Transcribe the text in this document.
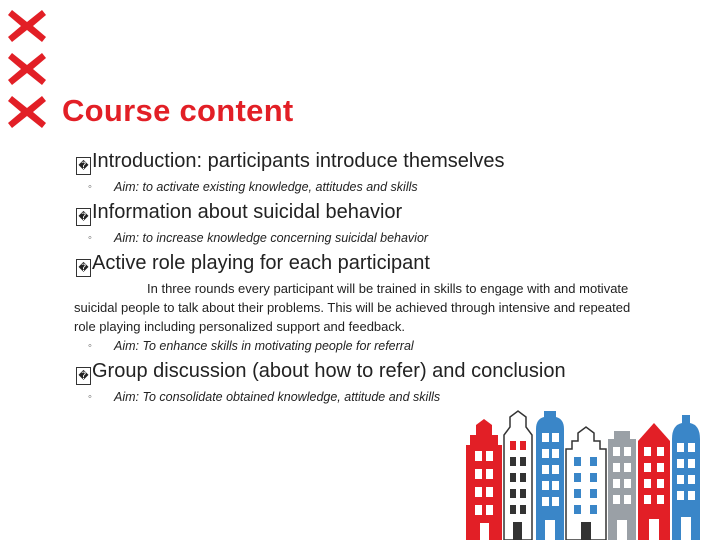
Course content
� Introduction: participants introduce themselves
◦ Aim: to activate existing knowledge, attitudes and skills
� Information about suicidal behavior
◦ Aim: to increase knowledge concerning suicidal behavior
� Active role playing for each participant
In three rounds every participant will be trained in skills to engage with and motivate suicidal people to talk about their problems. This will be achieved through intensive and repeated role playing including personalized support and feedback.
◦ Aim: To enhance skills in motivating people for referral
� Group discussion (about how to refer) and conclusion
◦ Aim: To consolidate obtained knowledge, attitude and skills
